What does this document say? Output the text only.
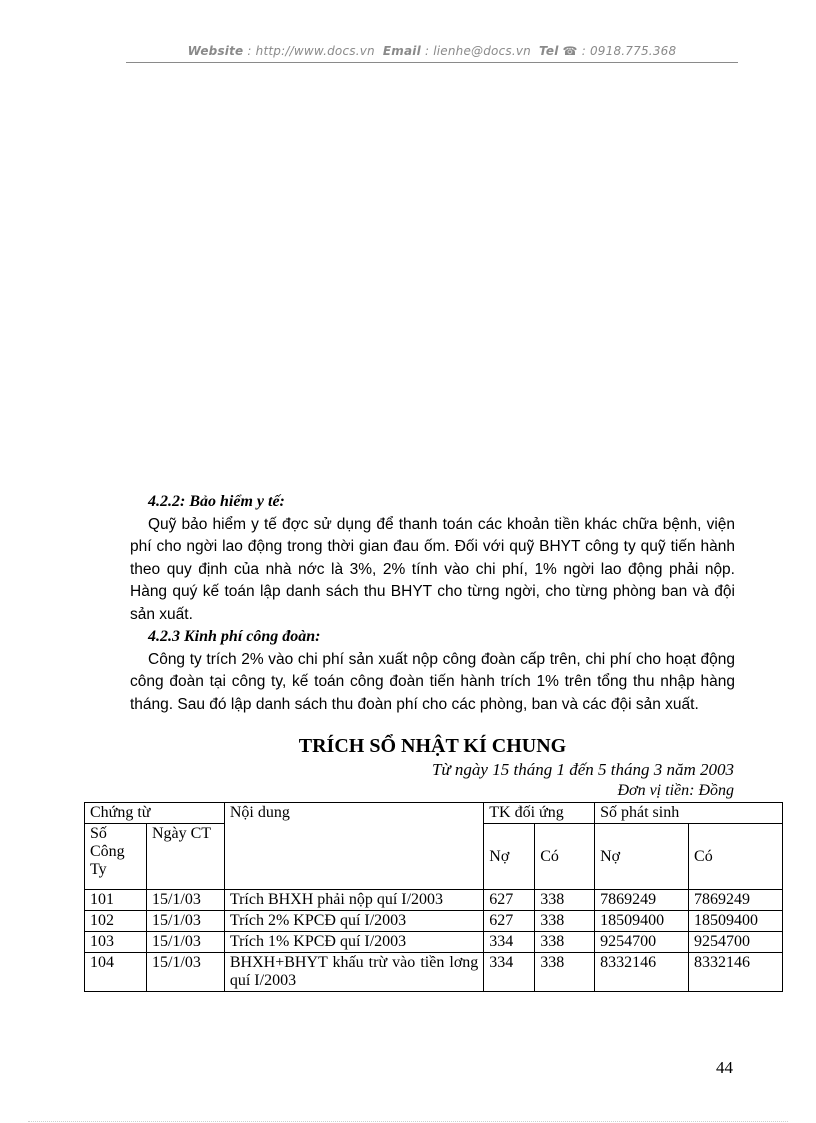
Website : http://www.docs.vn Email : lienhe@docs.vn Tel ☎ : 0918.775.368
4.2.2: Bảo hiểm y tế:

Quỹ bảo hiểm y tế đợc sử dụng để thanh toán các khoản tiền khác chữa bệnh, viện phí cho ngời lao động trong thời gian đau ốm. Đối với quỹ BHYT công ty quỹ tiến hành theo quy định của nhà nớc là 3%, 2% tính vào chi phí, 1% ngời lao động phải nộp. Hàng quý kế toán lập danh sách thu BHYT cho từng ngời, cho từng phòng ban và đội sản xuất.

4.2.3 Kinh phí công đoàn:

Công ty trích 2% vào chi phí sản xuất nộp công đoàn cấp trên, chi phí cho hoạt động công đoàn tại công ty, kế toán công đoàn tiến hành trích 1% trên tổng thu nhập hàng tháng. Sau đó lập danh sách thu đoàn phí cho các phòng, ban và các đội sản xuất.

TRÍCH SỔ NHẬT KÍ CHUNG
Từ ngày 15 tháng 1 đến 5 tháng 3 năm 2003
Đơn vị tiền: Đồng
Chứng từ		Nội dung	TK đối ứng		Số phát sinh	
Số Công Ty	Ngày CT		Nợ	Có	Nợ	Có
101	15/1/03	Trích BHXH phải nộp quí I/2003	627	338	7869249	7869249
102	15/1/03	Trích 2% KPCĐ quí I/2003	627	338	18509400	18509400
103	15/1/03	Trích 1% KPCĐ quí I/2003	334	338	9254700	9254700
104	15/1/03	BHXH+BHYT khấu trừ vào tiền lơng quí I/2003	334	338	8332146	8332146
44
